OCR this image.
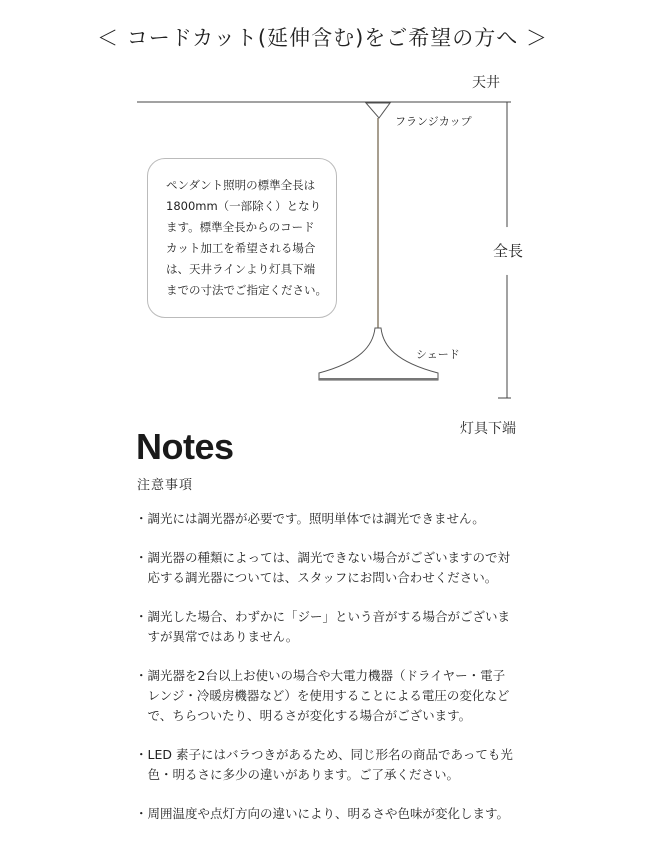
＜ コードカット(延伸含む)をご希望の方へ ＞
天井
フランジカップ
シェード
全長
灯具下端
ペンダント照明の標準全長は
1800mm（一部除く）となり
ます。標準全長からのコード
カット加工を希望される場合
は、天井ラインより灯具下端
までの寸法でご指定ください。
Notes
注意事項
・調光には調光器が必要です。照明単体では調光できません。
・調光器の種類によっては、調光できない場合がございますので対
　応する調光器については、スタッフにお問い合わせください。
・調光した場合、わずかに「ジー」という音がする場合がございま
　すが異常ではありません。
・調光器を2台以上お使いの場合や大電力機器（ドライヤー・電子
　レンジ・冷暖房機器など）を使用することによる電圧の変化など
　で、ちらついたり、明るさが変化する場合がございます。
・LED 素子にはバラつきがあるため、同じ形名の商品であっても光
　色・明るさに多少の違いがあります。ご了承ください。
・周囲温度や点灯方向の違いにより、明るさや色味が変化します。
